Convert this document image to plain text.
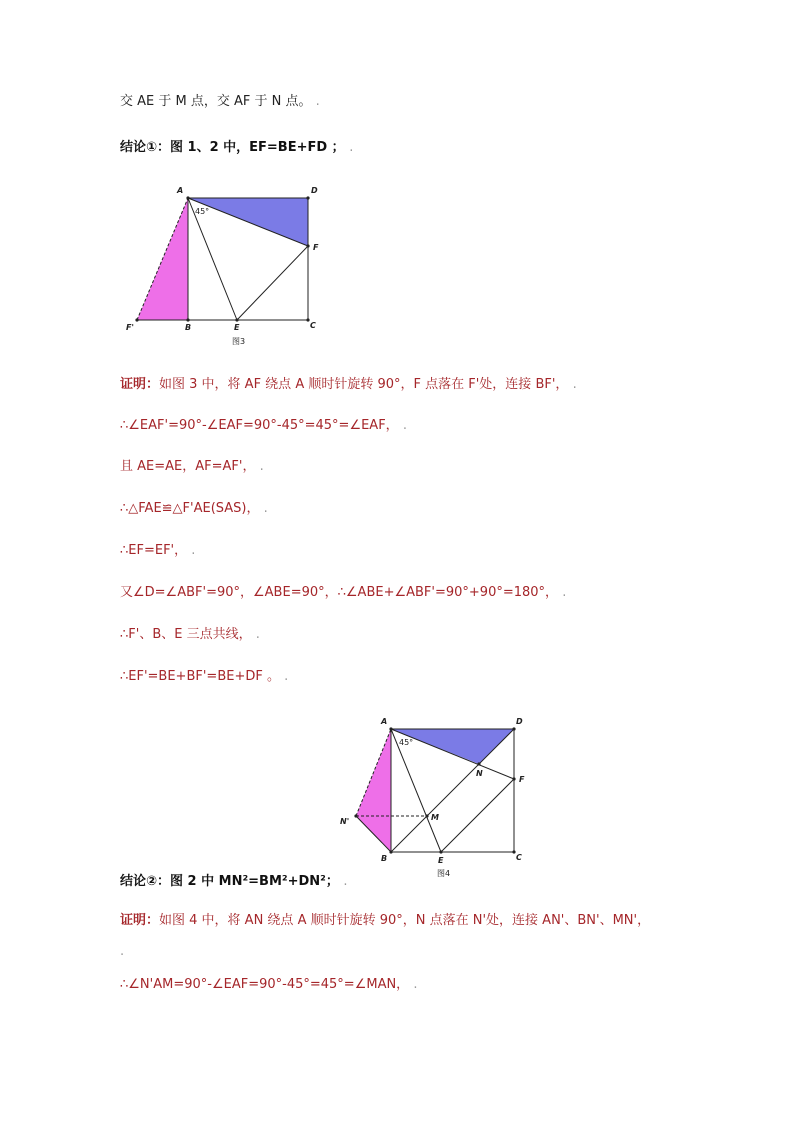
交 AE 于 M 点，交 AF 于 N 点。 .
结论①：图 1、2 中，EF=BE+FD ； .
A	D
F
F'	B	E	C
45°
图3
证明：如图 3 中，将 AF 绕点 A 顺时针旋转 90°，F 点落在 F'处，连接 BF'， .
∴∠EAF'=90°-∠EAF=90°-45°=45°=∠EAF， .
且 AE=AE，AF=AF'， .
∴△FAE≌△F'AE(SAS)， .
∴EF=EF'， .
又∠D=∠ABF'=90°，∠ABE=90°，∴∠ABE+∠ABF'=90°+90°=180°， .
∴F'、B、E 三点共线， .
∴EF'=BE+BF'=BE+DF 。 .
A	D
N
F
N'	M
B	E	C
45°
图4
结论②：图 2 中 MN²=BM²+DN²； .
证明：如图 4 中，将 AN 绕点 A 顺时针旋转 90°，N 点落在 N'处，连接 AN'、BN'、MN'，
.
∴∠N'AM=90°-∠EAF=90°-45°=45°=∠MAN， .
